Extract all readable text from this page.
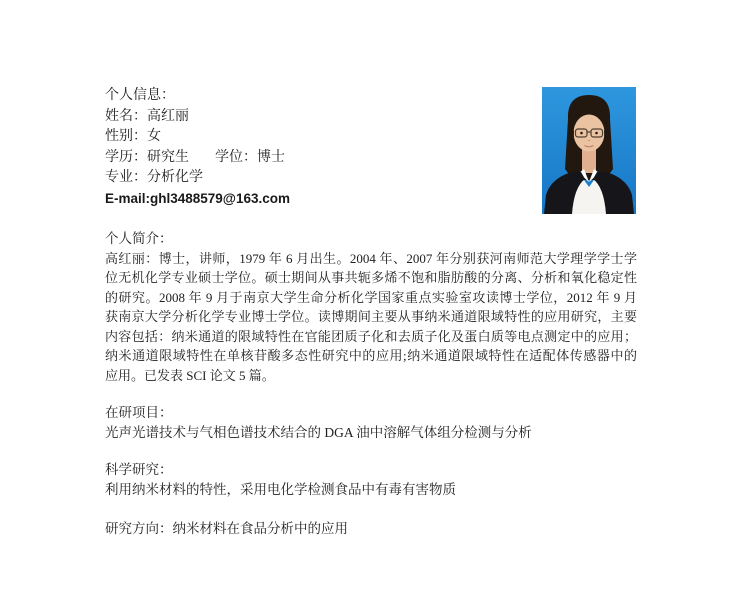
个人信息：
姓名：高红丽
性别：女
学历：研究生 学位：博士
专业：分析化学
E-mail:ghl3488579@163.com
个人简介：
高红丽：博士，讲师，1979 年 6 月出生。2004 年、2007 年分别获河南师范大学理学学士学
位无机化学专业硕士学位。硕士期间从事共轭多烯不饱和脂肪酸的分离、分析和氧化稳定性
的研究。2008 年 9 月于南京大学生命分析化学国家重点实验室攻读博士学位，2012 年 9 月
获南京大学分析化学专业博士学位。读博期间主要从事纳米通道限域特性的应用研究，主要
内容包括：纳米通道的限域特性在官能团质子化和去质子化及蛋白质等电点测定中的应用；
纳米通道限域特性在单核苷酸多态性研究中的应用;纳米通道限域特性在适配体传感器中的
应用。已发表 SCI 论文 5 篇。
在研项目：
光声光谱技术与气相色谱技术结合的 DGA 油中溶解气体组分检测与分析
科学研究：
利用纳米材料的特性，采用电化学检测食品中有毒有害物质
研究方向：纳米材料在食品分析中的应用
